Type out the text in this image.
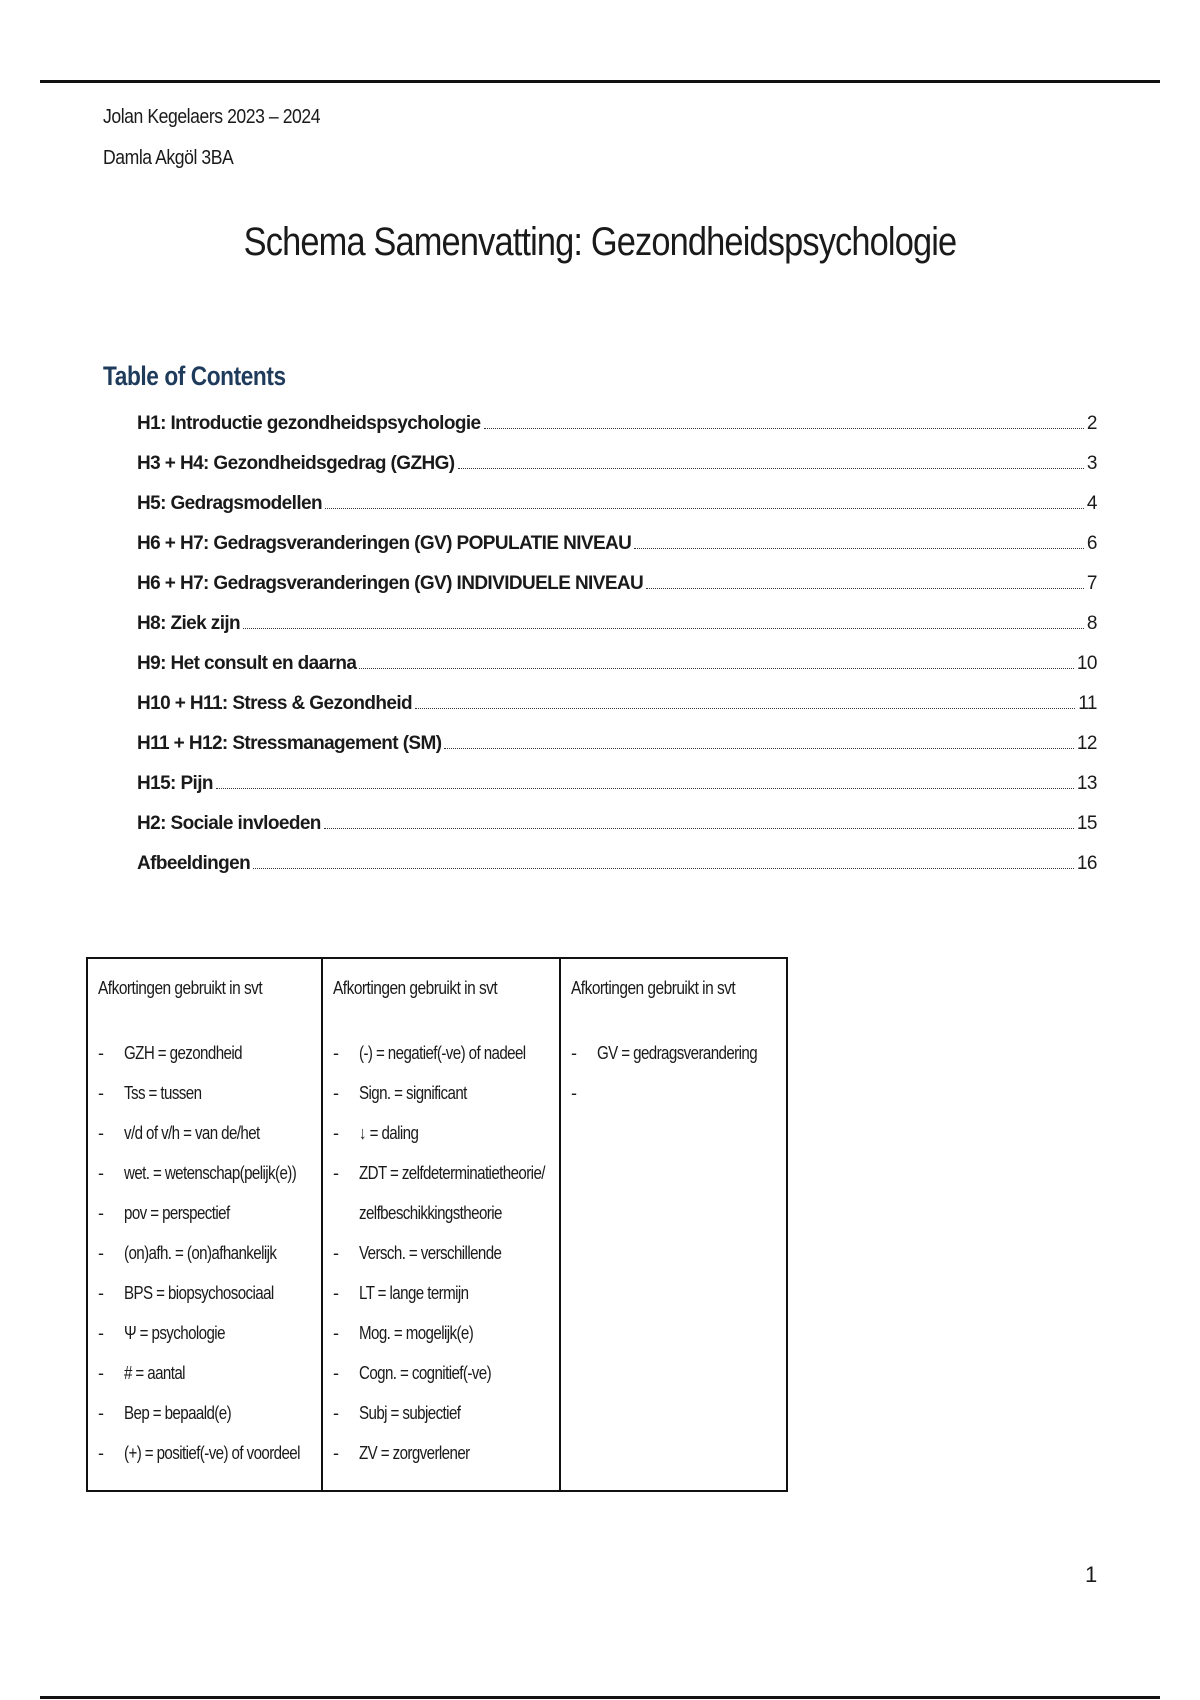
Jolan Kegelaers 2023 – 2024
Damla Akgöl 3BA
Schema Samenvatting: Gezondheidspsychologie
Table of Contents
H1: Introductie gezondheidspsychologie	2
H3 + H4: Gezondheidsgedrag (GZHG)	3
H5: Gedragsmodellen	4
H6 + H7: Gedragsveranderingen (GV) POPULATIE NIVEAU	6
H6 + H7: Gedragsveranderingen (GV) INDIVIDUELE NIVEAU	7
H8: Ziek zijn	8
H9: Het consult en daarna	10
H10 + H11: Stress & Gezondheid	11
H11 + H12: Stressmanagement (SM)	12
H15: Pijn	13
H2: Sociale invloeden	15
Afbeeldingen	16
Afkortingen gebruikt in svt
- GZH = gezondheid
- Tss = tussen
- v/d of v/h = van de/het
- wet. = wetenschap(pelijk(e))
- pov = perspectief
- (on)afh. = (on)afhankelijk
- BPS = biopsychosociaal
- Ψ = psychologie
- # = aantal
- Bep = bepaald(e)
- (+) = positief(-ve) of voordeel
Afkortingen gebruikt in svt
- (-) = negatief(-ve) of nadeel
- Sign. = significant
- ↓ = daling
- ZDT = zelfdeterminatietheorie/
zelfbeschikkingstheorie
- Versch. = verschillende
- LT = lange termijn
- Mog. = mogelijk(e)
- Cogn. = cognitief(-ve)
- Subj = subjectief
- ZV = zorgverlener
Afkortingen gebruikt in svt
- GV = gedragsverandering
-
1
